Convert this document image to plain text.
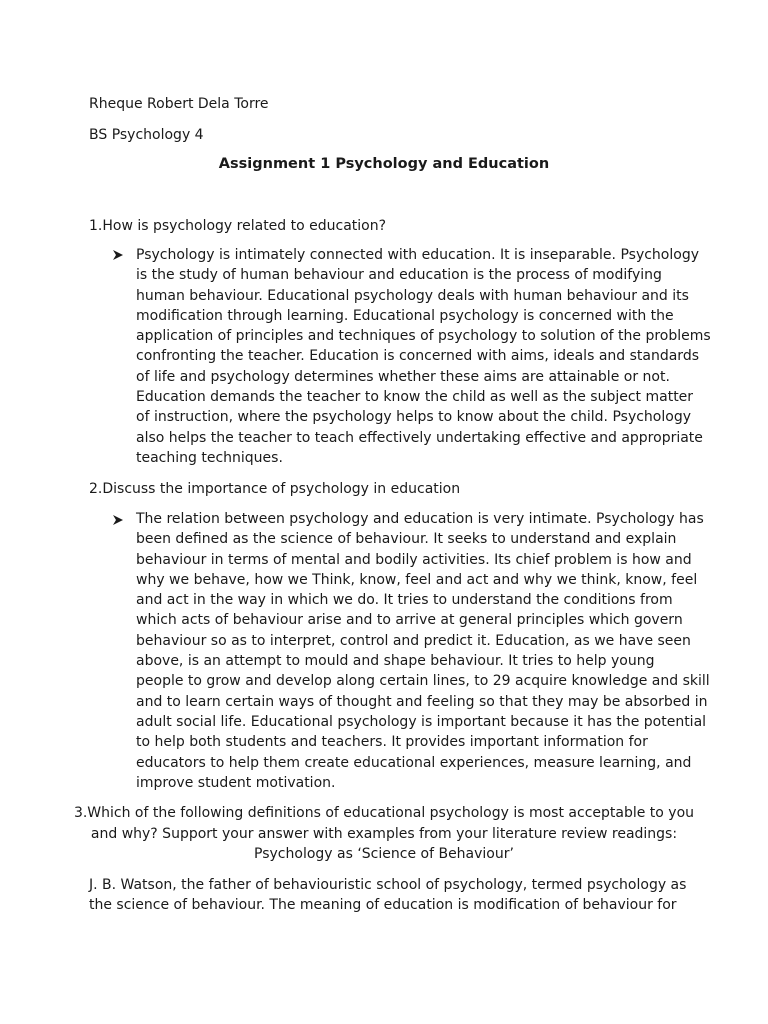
Rheque Robert Dela Torre
BS Psychology 4
Assignment 1 Psychology and Education
1.How is psychology related to education?
Psychology is intimately connected with education. It is inseparable. Psychology
is the study of human behaviour and education is the process of modifying
human behaviour. Educational psychology deals with human behaviour and its
modification through learning. Educational psychology is concerned with the
application of principles and techniques of psychology to solution of the problems
confronting the teacher. Education is concerned with aims, ideals and standards
of life and psychology determines whether these aims are attainable or not.
Education demands the teacher to know the child as well as the subject matter
of instruction, where the psychology helps to know about the child. Psychology
also helps the teacher to teach effectively undertaking effective and appropriate
teaching techniques.
2.Discuss the importance of psychology in education
The relation between psychology and education is very intimate. Psychology has
been defined as the science of behaviour. It seeks to understand and explain
behaviour in terms of mental and bodily activities. Its chief problem is how and
why we behave, how we Think, know, feel and act and why we think, know, feel
and act in the way in which we do. It tries to understand the conditions from
which acts of behaviour arise and to arrive at general principles which govern
behaviour so as to interpret, control and predict it. Education, as we have seen
above, is an attempt to mould and shape behaviour. It tries to help young
people to grow and develop along certain lines, to 29 acquire knowledge and skill
and to learn certain ways of thought and feeling so that they may be absorbed in
adult social life. Educational psychology is important because it has the potential
to help both students and teachers. It provides important information for
educators to help them create educational experiences, measure learning, and
improve student motivation.
3.Which of the following definitions of educational psychology is most acceptable to you
and why? Support your answer with examples from your literature review readings:
Psychology as ‘Science of Behaviour’
J. B. Watson, the father of behaviouristic school of psychology, termed psychology as
the science of behaviour. The meaning of education is modification of behaviour for
